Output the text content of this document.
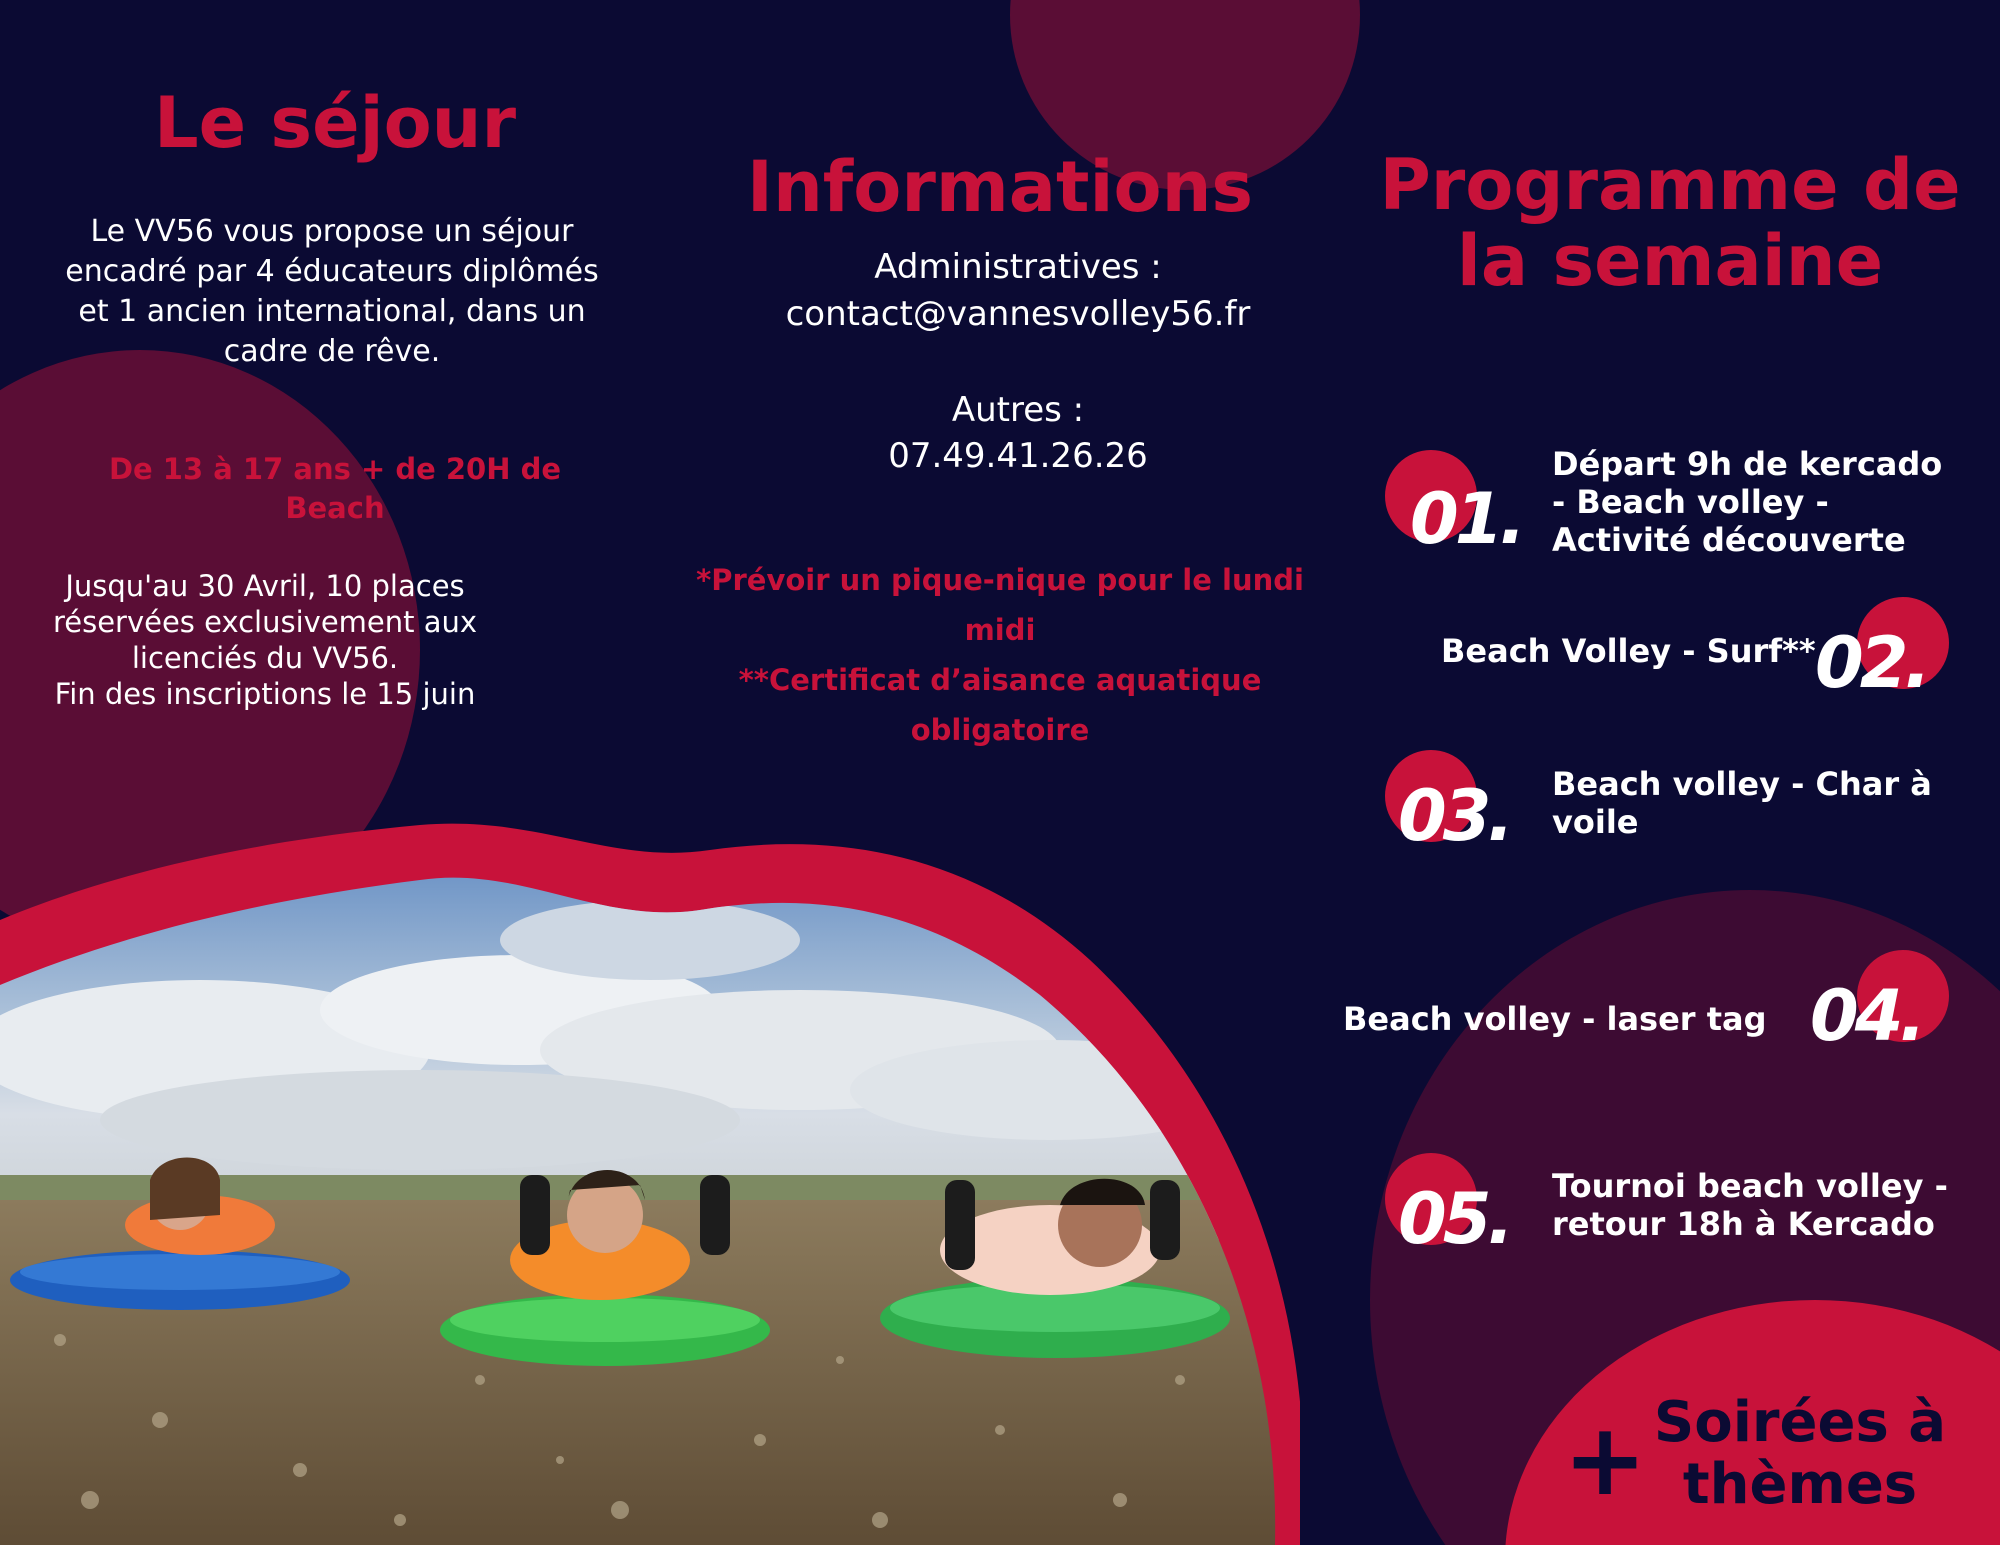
Le séjour
Le VV56 vous propose un séjour encadré par 4 éducateurs diplômés et 1 ancien international, dans un cadre de rêve.
De 13 à 17 ans + de 20H de Beach
Jusqu'au 30 Avril, 10 places
réservées exclusivement aux
licenciés du VV56.
Fin des inscriptions le 15 juin
Informations
Administratives :
contact@vannesvolley56.fr
Autres :
07.49.41.26.26
*Prévoir un pique-nique pour le lundi midi
**Certificat d’aisance aquatique obligatoire
Programme de
la semaine
01.
Départ 9h de kercado - Beach volley - Activité découverte
02.
Beach Volley - Surf**
03. Beach volley - Char à voile
04.
Beach volley - laser tag
05. Tournoi beach volley - retour 18h à Kercado
+ Soirées à thèmes
